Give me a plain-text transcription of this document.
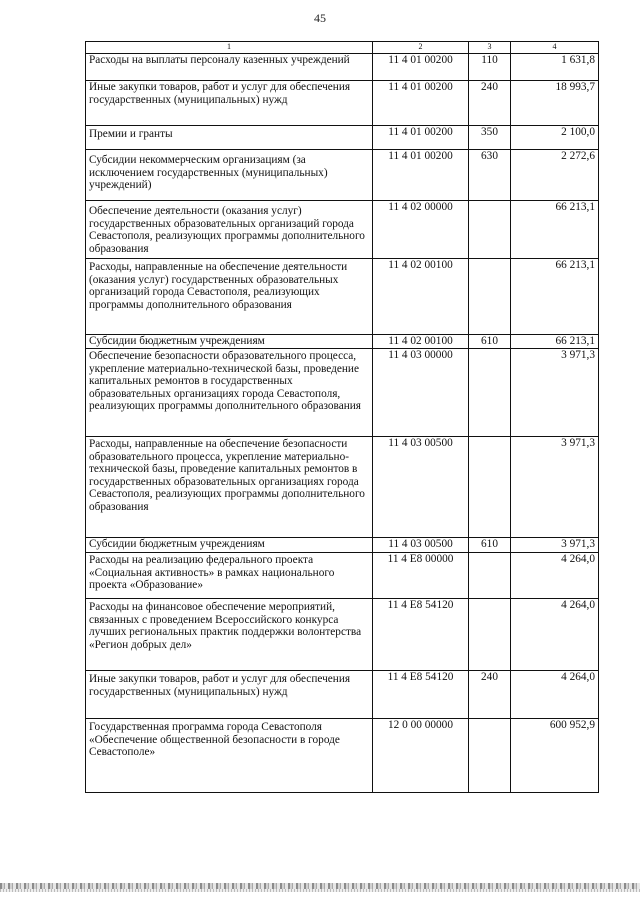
45
1	2	3	4
Расходы на выплаты персоналу казенных учреждений	11 4 01 00200	110	1 631,8
Иные закупки товаров, работ и услуг для обеспечения государственных (муниципальных) нужд	11 4 01 00200	240	18 993,7
Премии и гранты	11 4 01 00200	350	2 100,0
Субсидии некоммерческим организациям (за исключением государственных (муниципальных) учреждений)	11 4 01 00200	630	2 272,6
Обеспечение деятельности (оказания услуг) государственных образовательных организаций города Севастополя, реализующих программы дополнительного образования	11 4 02 00000		66 213,1
Расходы, направленные на обеспечение деятельности (оказания услуг) государственных образовательных организаций города Севастополя, реализующих программы дополнительного образования	11 4 02 00100		66 213,1
Субсидии бюджетным учреждениям	11 4 02 00100	610	66 213,1
Обеспечение безопасности образовательного процесса, укрепление материально-технической базы, проведение капитальных ремонтов в государственных образовательных организациях города Севастополя, реализующих программы дополнительного образования	11 4 03 00000		3 971,3
Расходы, направленные на обеспечение безопасности образовательного процесса, укрепление материально-технической базы, проведение капитальных ремонтов в государственных образовательных организациях города Севастополя, реализующих программы дополнительного образования	11 4 03 00500		3 971,3
Субсидии бюджетным учреждениям	11 4 03 00500	610	3 971,3
Расходы на реализацию федерального проекта «Социальная активность» в рамках национального проекта «Образование»	11 4 E8 00000		4 264,0
Расходы на финансовое обеспечение мероприятий, связанных с проведением Всероссийского конкурса лучших региональных практик поддержки волонтерства «Регион добрых дел»	11 4 E8 54120		4 264,0
Иные закупки товаров, работ и услуг для обеспечения государственных (муниципальных) нужд	11 4 E8 54120	240	4 264,0
Государственная программа города Севастополя «Обеспечение общественной безопасности в городе Севастополе»	12 0 00 00000		600 952,9
